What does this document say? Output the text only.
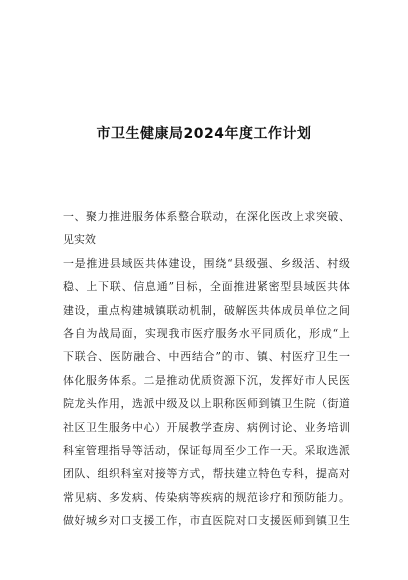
市卫生健康局2024年度工作计划
一、聚力推进服务体系整合联动，在深化医改上求突破、
见实效
一是推进县域医共体建设，围绕“县级强、乡级活、村级
稳、上下联、信息通”目标，全面推进紧密型县域医共体
建设，重点构建城镇联动机制，破解医共体成员单位之间
各自为战局面，实现我市医疗服务水平同质化，形成“上
下联合、医防融合、中西结合”的市、镇、村医疗卫生一
体化服务体系。二是推动优质资源下沉，发挥好市人民医
院龙头作用，选派中级及以上职称医师到镇卫生院（街道
社区卫生服务中心）开展教学查房、病例讨论、业务培训
科室管理指导等活动，保证每周至少工作一天。采取选派
团队、组织科室对接等方式，帮扶建立特色专科，提高对
常见病、多发病、传染病等疾病的规范诊疗和预防能力。
做好城乡对口支援工作，市直医院对口支援医师到镇卫生
